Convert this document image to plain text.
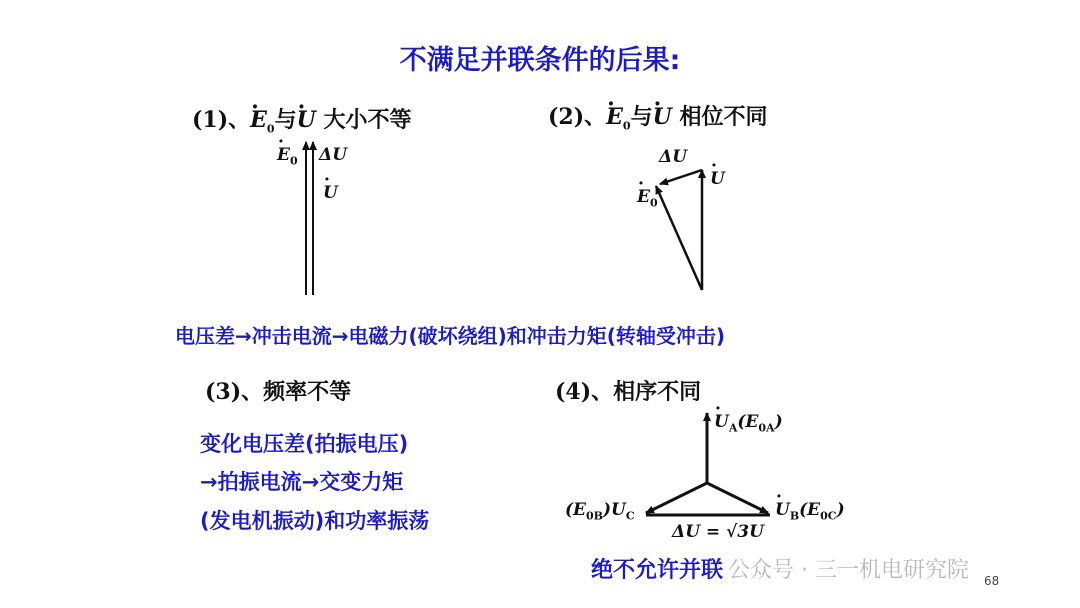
不满足并联条件的后果:
(1)、· $E_0$与· U 大小不等	(2)、· $E_0$与· U 相位不同
(3)、频率不等	(4)、相序不同
· $E_0$ ΔU
· U
ΔU
· U
· $E_0$
电压差→冲击电流→电磁力(破坏绕组)和冲击力矩(转轴受冲击)
变化电压差(拍振电压)
→拍振电流→交变力矩
(发电机振动)和功率振荡
· $U_A(E_{0A})$
$(E_{0B})U_C$
·	$U_B(E_{0C})$
ΔU = √3U
绝不允许并联 公众号 · 三一机电研究院 68
